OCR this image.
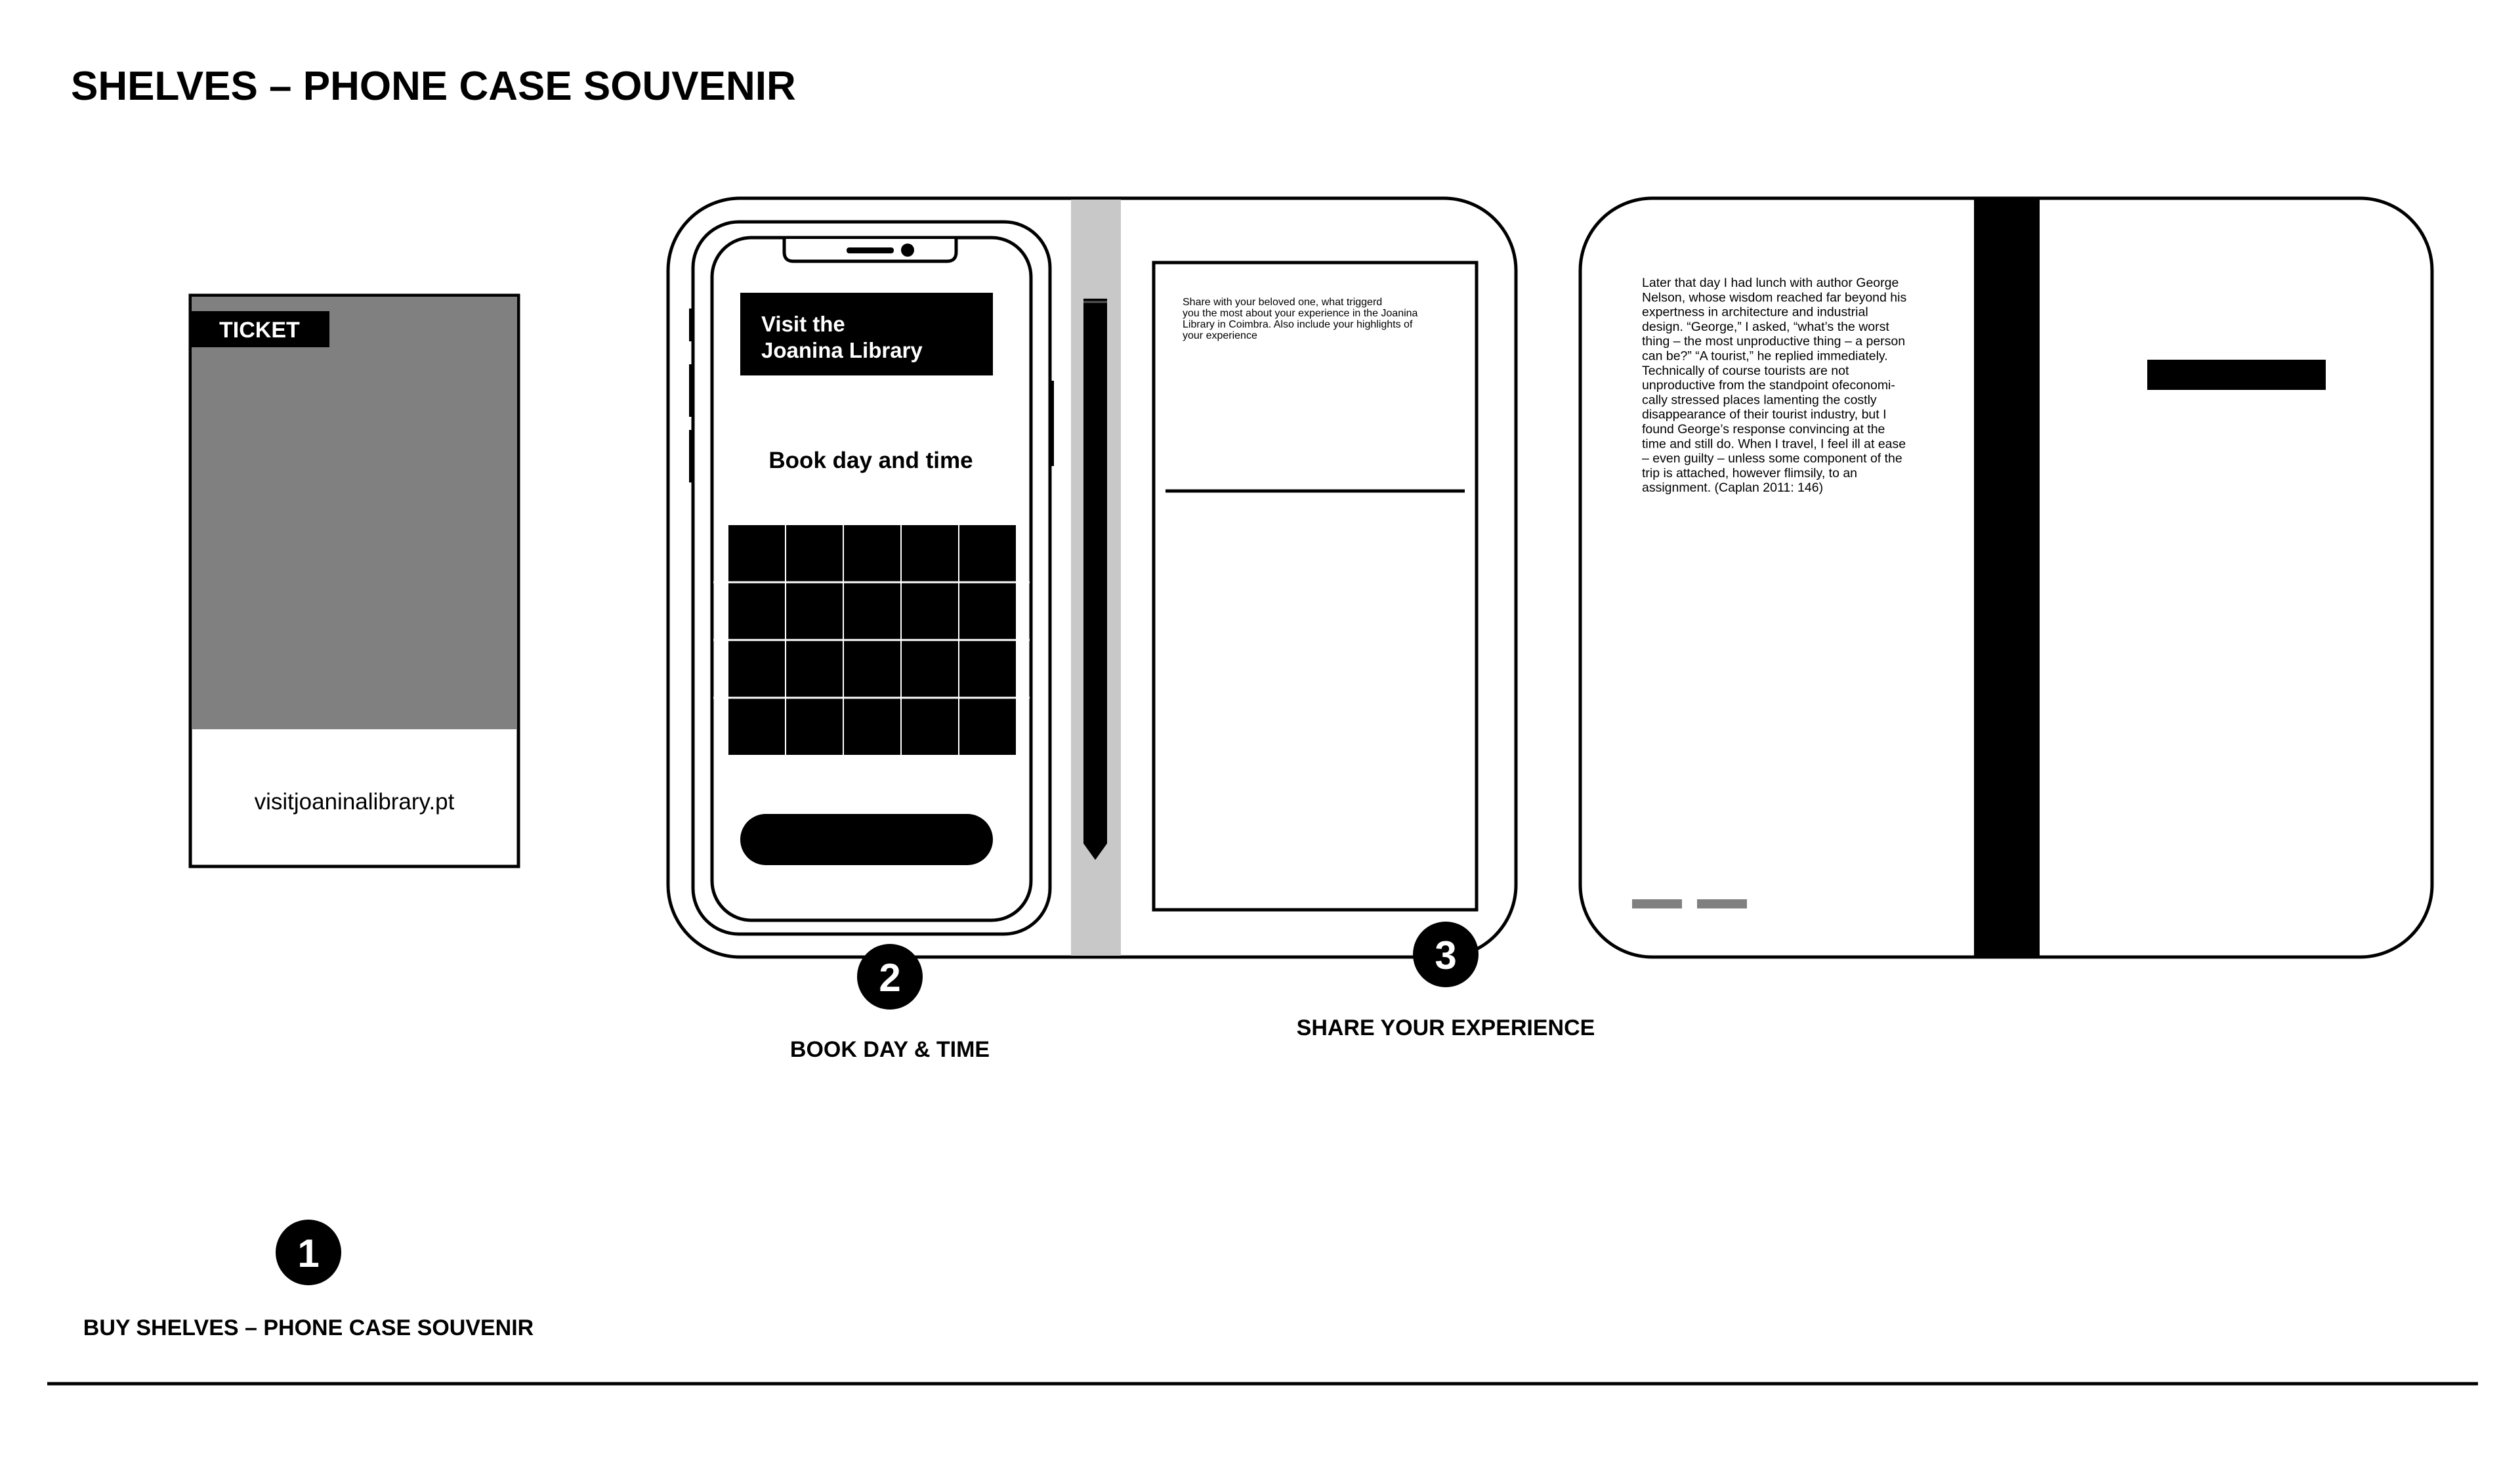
SHELVES – PHONE CASE SOUVENIR
TICKET
visitjoaninalibrary.pt
Visit the
Joanina Library
Book day and time
Share with your beloved one, what triggerd
you the most about your experience in the Joanina
Library in Coimbra. Also include your highlights of
your experience
Later that day I had lunch with author George
Nelson, whose wisdom reached far beyond his
expertness in architecture and industrial
design. “George,” I asked, “what’s the worst
thing – the most unproductive thing – a person
can be?” “A tourist,” he replied immediately.
Technically of course tourists are not
unproductive from the standpoint ofeconomi-
cally stressed places lamenting the costly
disappearance of their tourist industry, but I
found George’s response convincing at the
time and still do. When I travel, I feel ill at ease
– even guilty – unless some component of the
trip is attached, however flimsily, to an
assignment. (Caplan 2011: 146)
1
BUY SHELVES – PHONE CASE SOUVENIR
2
BOOK DAY & TIME
3
SHARE YOUR EXPERIENCE
